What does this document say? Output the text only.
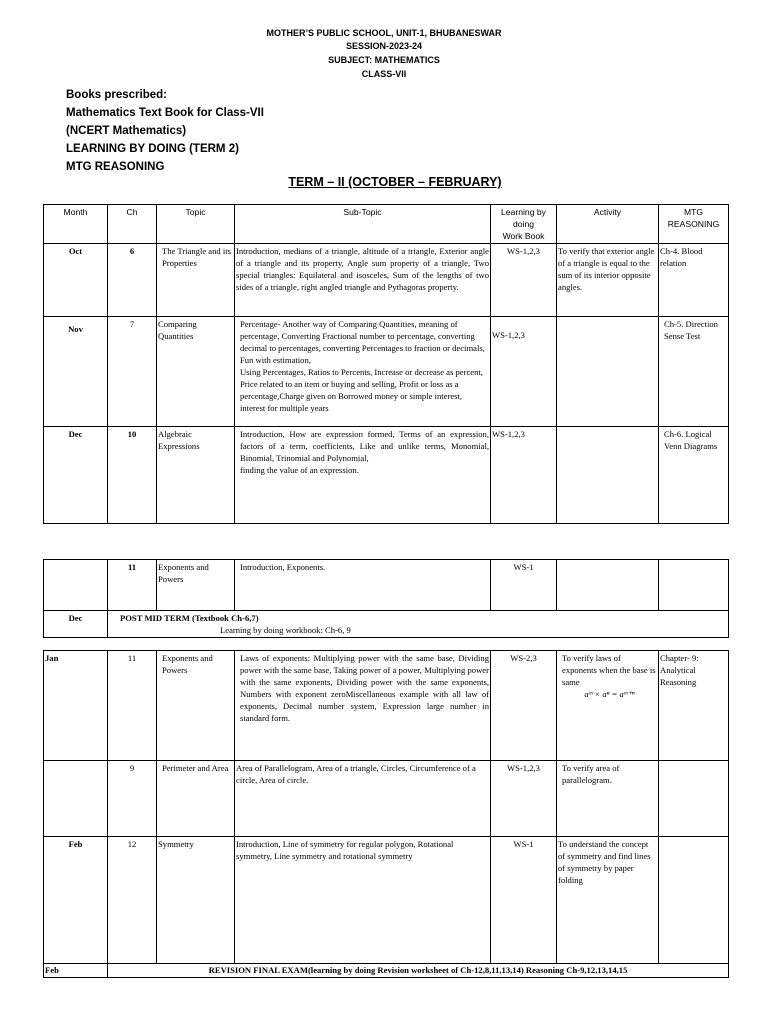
MOTHER’S PUBLIC SCHOOL, UNIT-1, BHUBANESWAR
SESSION-2023-24
SUBJECT: MATHEMATICS
CLASS-VII
Books prescribed:
Mathematics Text Book for Class-VII
(NCERT Mathematics)
LEARNING BY DOING (TERM 2)
MTG REASONING
TERM – II (OCTOBER – FEBRUARY)
Month	Ch	Topic	Sub-Topic	Learning by
doing
Work Book	Activity	MTG
REASONING
Oct	6	The Triangle and its Properties	Introduction, medians of a triangle, altitude of a triangle, Exterior angle of a triangle and its property, Angle sum property of a triangle, Two special triangles: Equilateral and isosceles, Sum of the lengths of two sides of a triangle, right angled triangle and Pythagoras property.	WS-1,2,3	To verify that exterior angle of a triangle is equal to the sum of its interior opposite angles.	Ch-4. Blood relation
Nov	7	Comparing Quantities	Percentage- Another way of Comparing Quantities, meaning of percentage, Converting Fractional number to percentage, converting decimal to percentages, converting Percentages to fraction or decimals, Fun with estimation,
Using Percentages, Ratios to Percents, Increase or decrease as percent, Price related to an item or buying and selling, Profit or loss as a percentage,Charge given on Borrowed money or simple interest, interest for multiple years	WS-1,2,3		Ch-5. Direction Sense Test
Dec	10	Algebraic Expressions	Introduction, How are expression formed, Terms of an expression, factors of a term, coefficients, Like and unlike terms, Monomial, Binomial, Trinomial and Polynomial,
finding the value of an expression.	WS-1,2,3		Ch-6. Logical Venn Diagrams
	11	Exponents and Powers	Introduction, Exponents.	WS-1		
Dec	POST MID TERM (Textbook Ch-6,7)
Learning by doing workbook: Ch-6, 9					
Jan	11	Exponents and Powers	Laws of exponents: Multiplying power with the same base, Dividing power with the same base, Taking power of a power, Multiplying power with the same exponents, Dividing power with the same exponents, Numbers with exponent zeroMiscellaneous example with all law of exponents, Decimal number system, Expression large number in standard form.	WS-2,3	To verify laws of exponents when the base is same
aᵐ × aⁿ = aᵐ⁺ⁿ	Chapter- 9: Analytical Reasoning
	9	Perimeter and Area	Area of Parallelogram, Area of a triangle, Circles, Circumference of a circle, Area of circle.	WS-1,2,3	To verify area of parallelogram.	
Feb	12	Symmetry	Introduction, Line of symmetry for regular polygon, Rotational symmetry, Line symmetry and rotational symmetry	WS-1	To understand the concept of symmetry and find lines of symmetry by paper folding	
Feb	REVISION FINAL EXAM(learning by doing Revision worksheet of Ch-12,8,11,13,14) Reasoning Ch-9,12,13,14,15					
